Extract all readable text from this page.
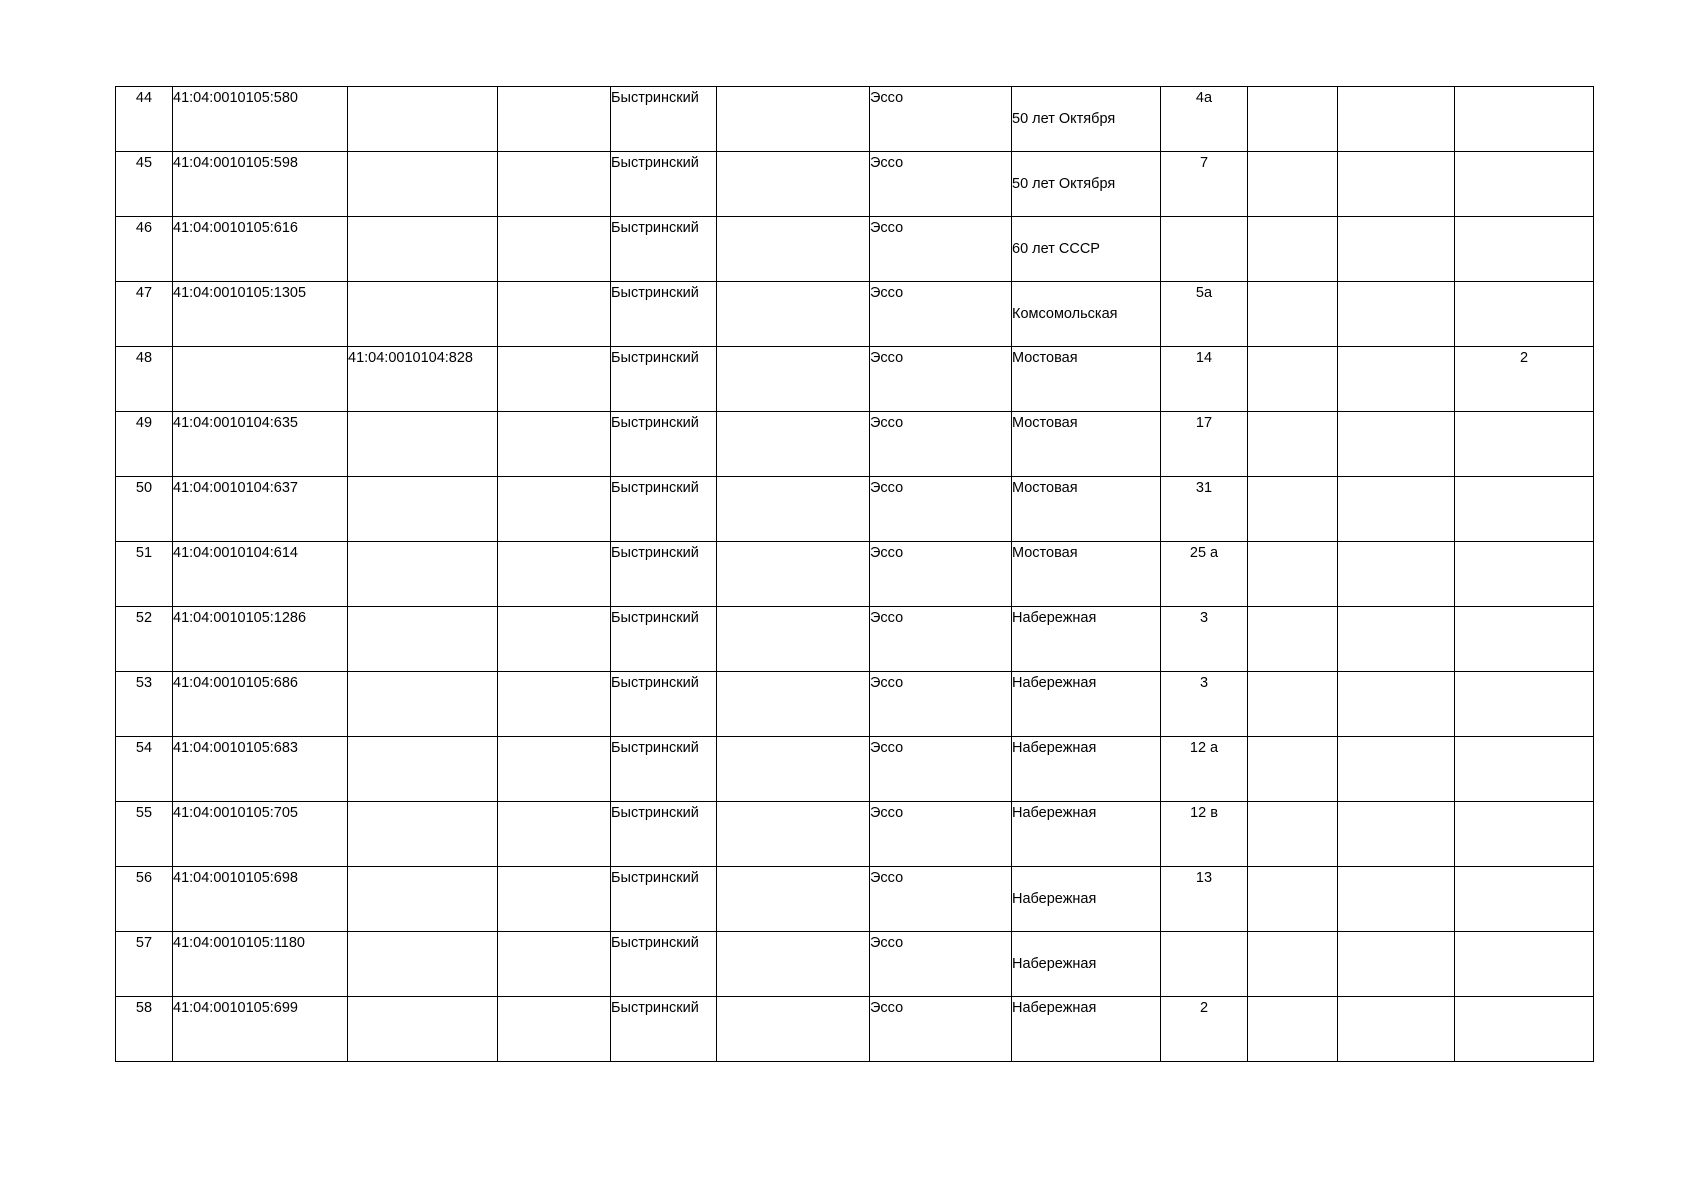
44	41:04:0010105:580			Быстринский		Эссо	50 лет Октября	4а			

45	41:04:0010105:598			Быстринский		Эссо	50 лет Октября	7			

46	41:04:0010105:616			Быстринский		Эссо	60 лет СССР				

47	41:04:0010105:1305			Быстринский		Эссо	Комсомольская	5а			

48		41:04:0010104:828		Быстринский		Эссо	Мостовая	14			2

49	41:04:0010104:635			Быстринский		Эссо	Мостовая	17			

50	41:04:0010104:637			Быстринский		Эссо	Мостовая	31			

51	41:04:0010104:614			Быстринский		Эссо	Мостовая	25 а			

52	41:04:0010105:1286			Быстринский		Эссо	Набережная	3			

53	41:04:0010105:686			Быстринский		Эссо	Набережная	3			

54	41:04:0010105:683			Быстринский		Эссо	Набережная	12 а			

55	41:04:0010105:705			Быстринский		Эссо	Набережная	12 в			

56	41:04:0010105:698			Быстринский		Эссо	Набережная	13			

57	41:04:0010105:1180			Быстринский		Эссо	Набережная				

58	41:04:0010105:699			Быстринский		Эссо	Набережная	2			
